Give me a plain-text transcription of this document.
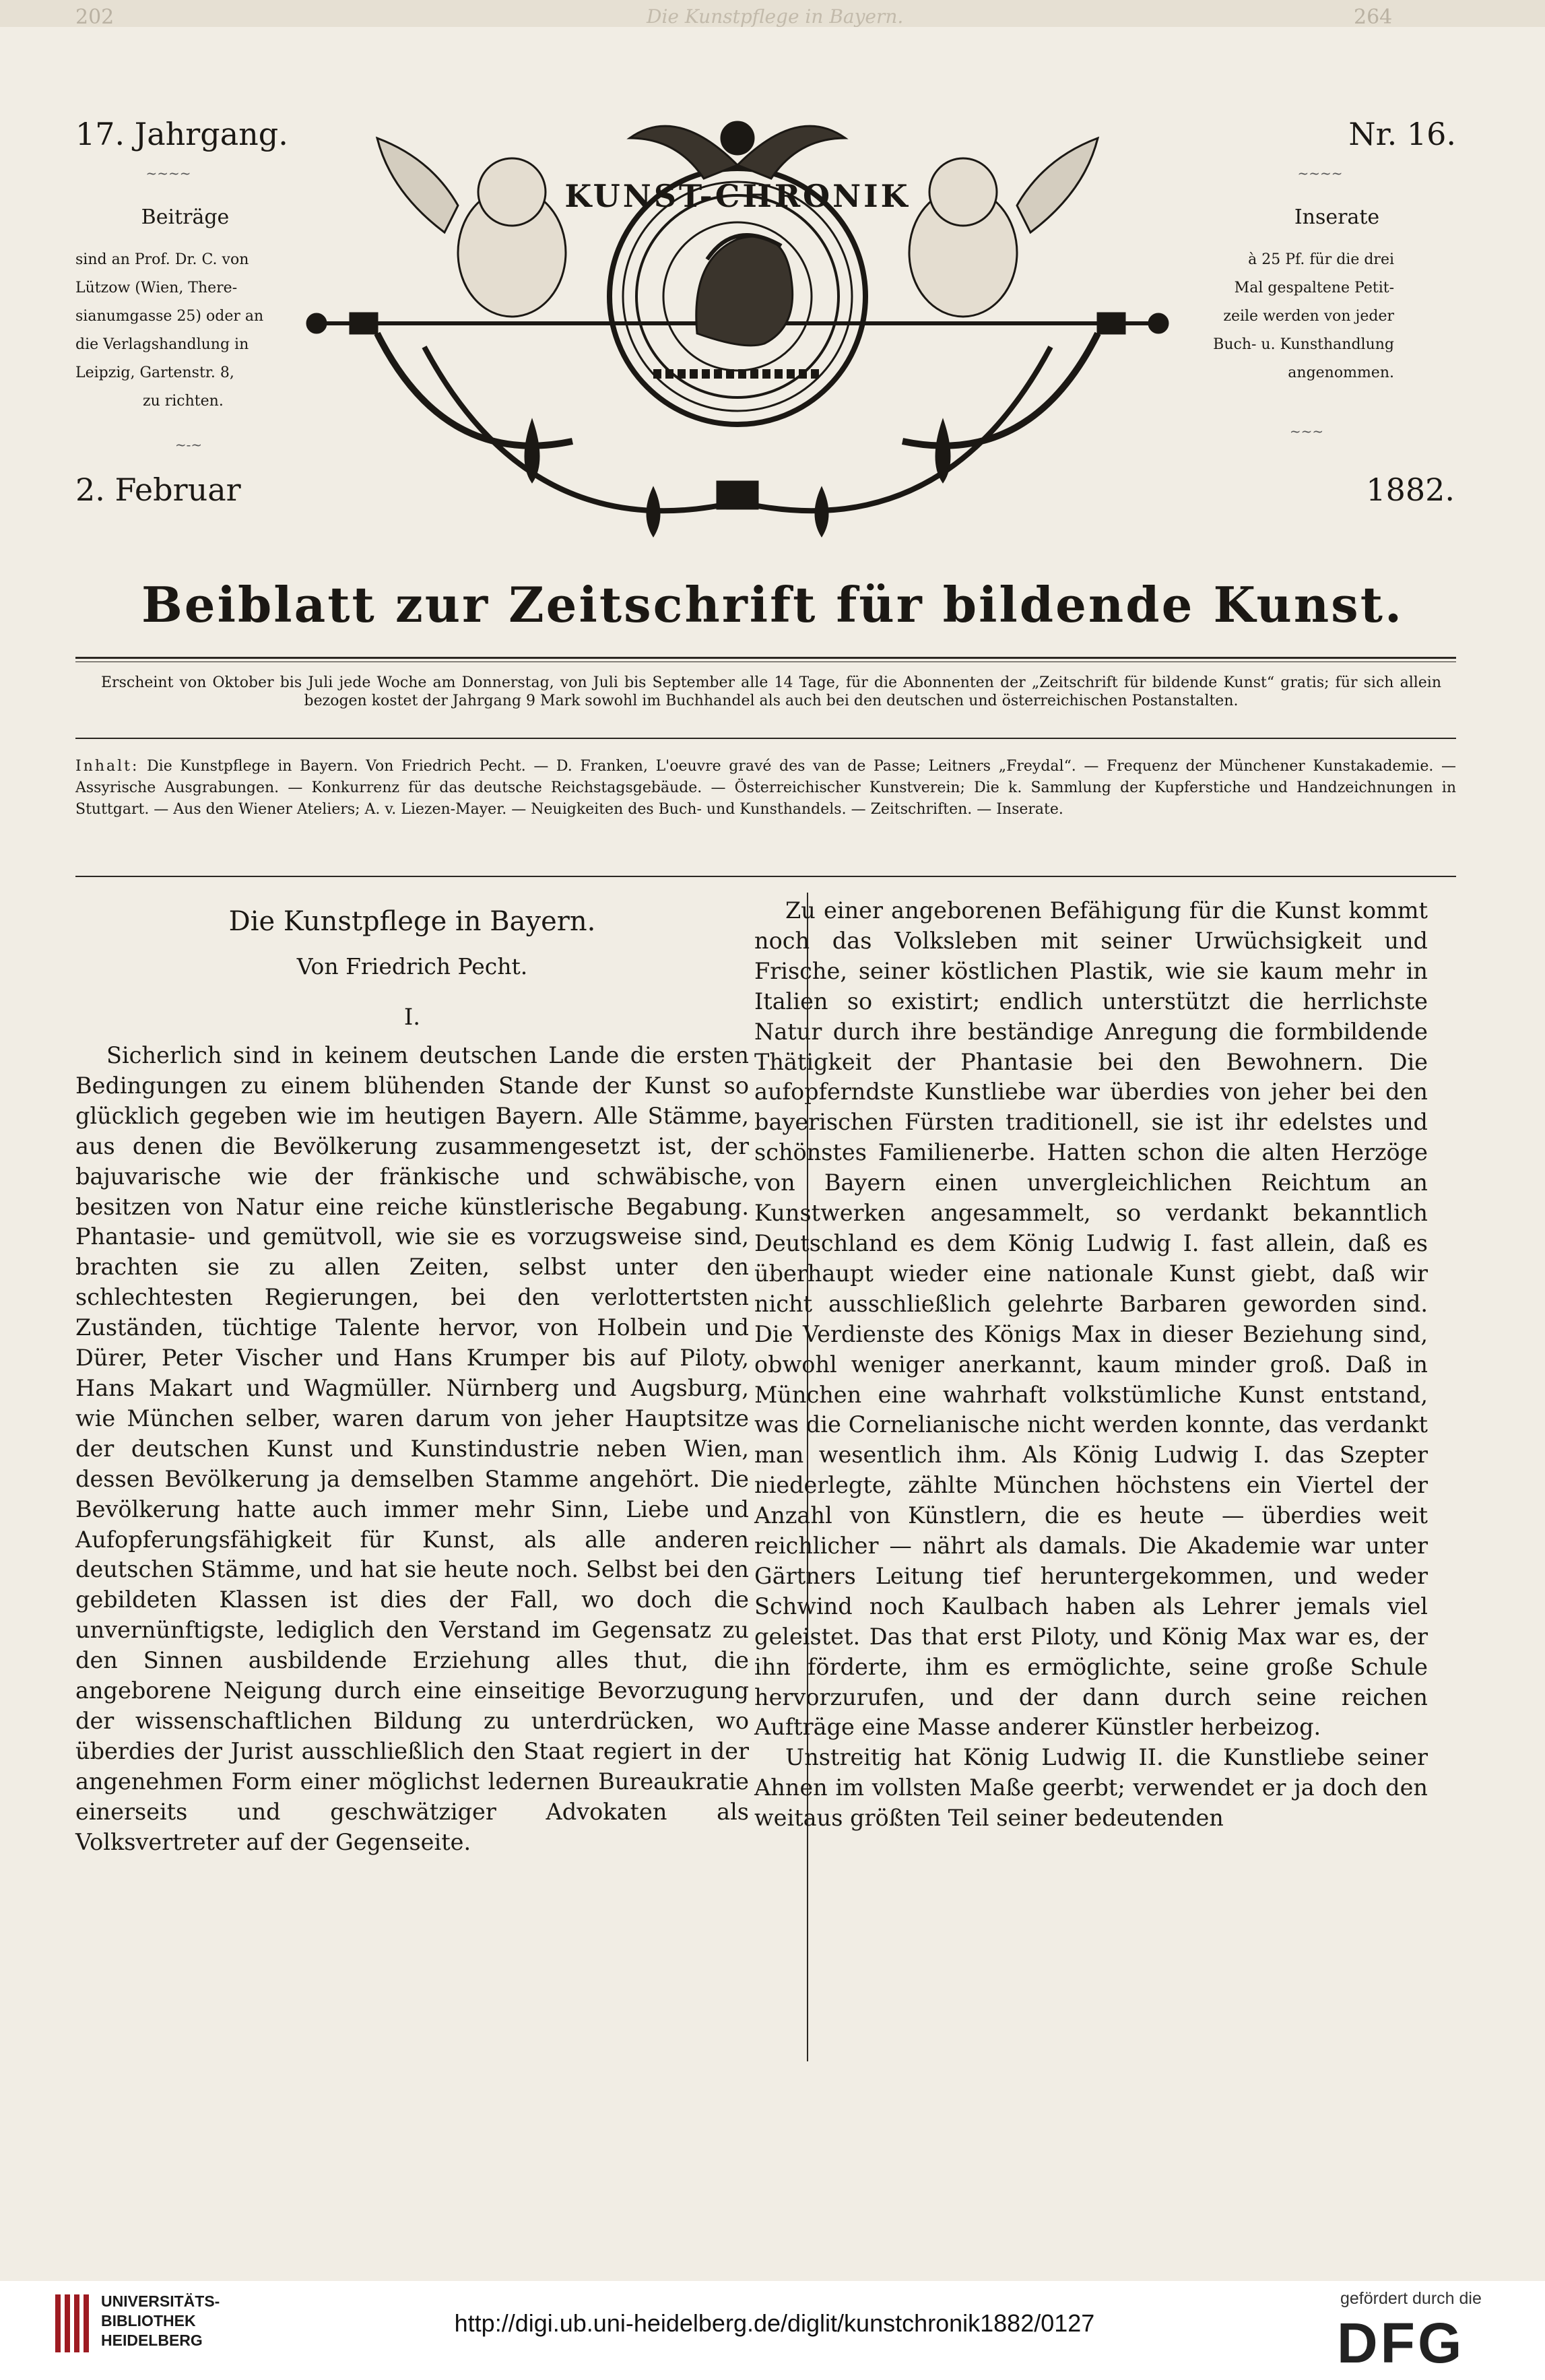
202	Die Kunstpflege in Bayern.	264
17. Jahrgang.	Nr. 16.
~~~~	~~~~
Beiträge
sind an Prof. Dr. C. von
Lützow (Wien, There-
sianumgasse 25) oder an
die Verlagshandlung in
Leipzig, Gartenstr. 8,
zu richten.
~-~
Inserate
à 25 Pf. für die drei
Mal gespaltene Petit-
zeile werden von jeder
Buch- u. Kunsthandlung
angenommen.
~~~
2. Februar	1882.
KUNST-CHRONIK
Beiblatt zur Zeitschrift für bildende Kunst.
Erscheint von Oktober bis Juli jede Woche am Donnerstag, von Juli bis September alle 14 Tage, für die Abonnenten der „Zeitschrift für bildende Kunst“ gratis; für sich allein bezogen kostet der Jahrgang 9 Mark sowohl im Buchhandel als auch bei den deutschen und österreichischen Postanstalten.
Inhalt: Die Kunstpflege in Bayern. Von Friedrich Pecht. — D. Franken, L'oeuvre gravé des van de Passe; Leitners „Freydal“. — Frequenz der Münchener Kunstakademie. — Assyrische Ausgrabungen. — Konkurrenz für das deutsche Reichstagsgebäude. — Österreichischer Kunstverein; Die k. Sammlung der Kupferstiche und Handzeichnungen in Stuttgart. — Aus den Wiener Ateliers; A. v. Liezen-Mayer. — Neuigkeiten des Buch- und Kunsthandels. — Zeitschriften. — Inserate.
Die Kunstpflege in Bayern.
Von Friedrich Pecht.
I.

Sicherlich sind in keinem deutschen Lande die ersten Bedingungen zu einem blühenden Stande der Kunst so glücklich gegeben wie im heutigen Bayern. Alle Stämme, aus denen die Bevölkerung zusammengesetzt ist, der bajuvarische wie der fränkische und schwäbische, besitzen von Natur eine reiche künstlerische Begabung. Phantasie- und gemütvoll, wie sie es vorzugsweise sind, brachten sie zu allen Zeiten, selbst unter den schlechtesten Regierungen, bei den verlottertsten Zuständen, tüchtige Talente hervor, von Holbein und Dürer, Peter Vischer und Hans Krumper bis auf Piloty, Hans Makart und Wagmüller. Nürnberg und Augsburg, wie München selber, waren darum von jeher Hauptsitze der deutschen Kunst und Kunstindustrie neben Wien, dessen Bevölkerung ja demselben Stamme angehört. Die Bevölkerung hatte auch immer mehr Sinn, Liebe und Aufopferungsfähigkeit für Kunst, als alle anderen deutschen Stämme, und hat sie heute noch. Selbst bei den gebildeten Klassen ist dies der Fall, wo doch die unvernünftigste, lediglich den Verstand im Gegensatz zu den Sinnen ausbildende Erziehung alles thut, die angeborene Neigung durch eine einseitige Bevorzugung der wissenschaftlichen Bildung zu unterdrücken, wo überdies der Jurist ausschließlich den Staat regiert in der angenehmen Form einer möglichst ledernen Bureaukratie einerseits und geschwätziger Advokaten als Volksvertreter auf der Gegenseite.

Zu einer angeborenen Befähigung für die Kunst kommt noch das Volksleben mit seiner Urwüchsigkeit und Frische, seiner köstlichen Plastik, wie sie kaum mehr in Italien so existirt; endlich unterstützt die herrlichste Natur durch ihre beständige Anregung die formbildende Thätigkeit der Phantasie bei den Bewohnern. Die aufopferndste Kunstliebe war überdies von jeher bei den bayerischen Fürsten traditionell, sie ist ihr edelstes und schönstes Familienerbe. Hatten schon die alten Herzöge von Bayern einen unvergleichlichen Reichtum an Kunstwerken angesammelt, so verdankt bekanntlich Deutschland es dem König Ludwig I. fast allein, daß es überhaupt wieder eine nationale Kunst giebt, daß wir nicht ausschließlich gelehrte Barbaren geworden sind. Die Verdienste des Königs Max in dieser Beziehung sind, obwohl weniger anerkannt, kaum minder groß. Daß in München eine wahrhaft volkstümliche Kunst entstand, was die Cornelianische nicht werden konnte, das verdankt man wesentlich ihm. Als König Ludwig I. das Szepter niederlegte, zählte München höchstens ein Viertel der Anzahl von Künstlern, die es heute — überdies weit reichlicher — nährt als damals. Die Akademie war unter Gärtners Leitung tief heruntergekommen, und weder Schwind noch Kaulbach haben als Lehrer jemals viel geleistet. Das that erst Piloty, und König Max war es, der ihn förderte, ihm es ermöglichte, seine große Schule hervorzurufen, und der dann durch seine reichen Aufträge eine Masse anderer Künstler herbeizog.

Unstreitig hat König Ludwig II. die Kunstliebe seiner Ahnen im vollsten Maße geerbt; verwendet er ja doch den weitaus größten Teil seiner bedeutenden

UNIVERSITÄTS-
BIBLIOTHEK
HEIDELBERG
http://digi.ub.uni-heidelberg.de/diglit/kunstchronik1882/0127
gefördert durch die
DFG
